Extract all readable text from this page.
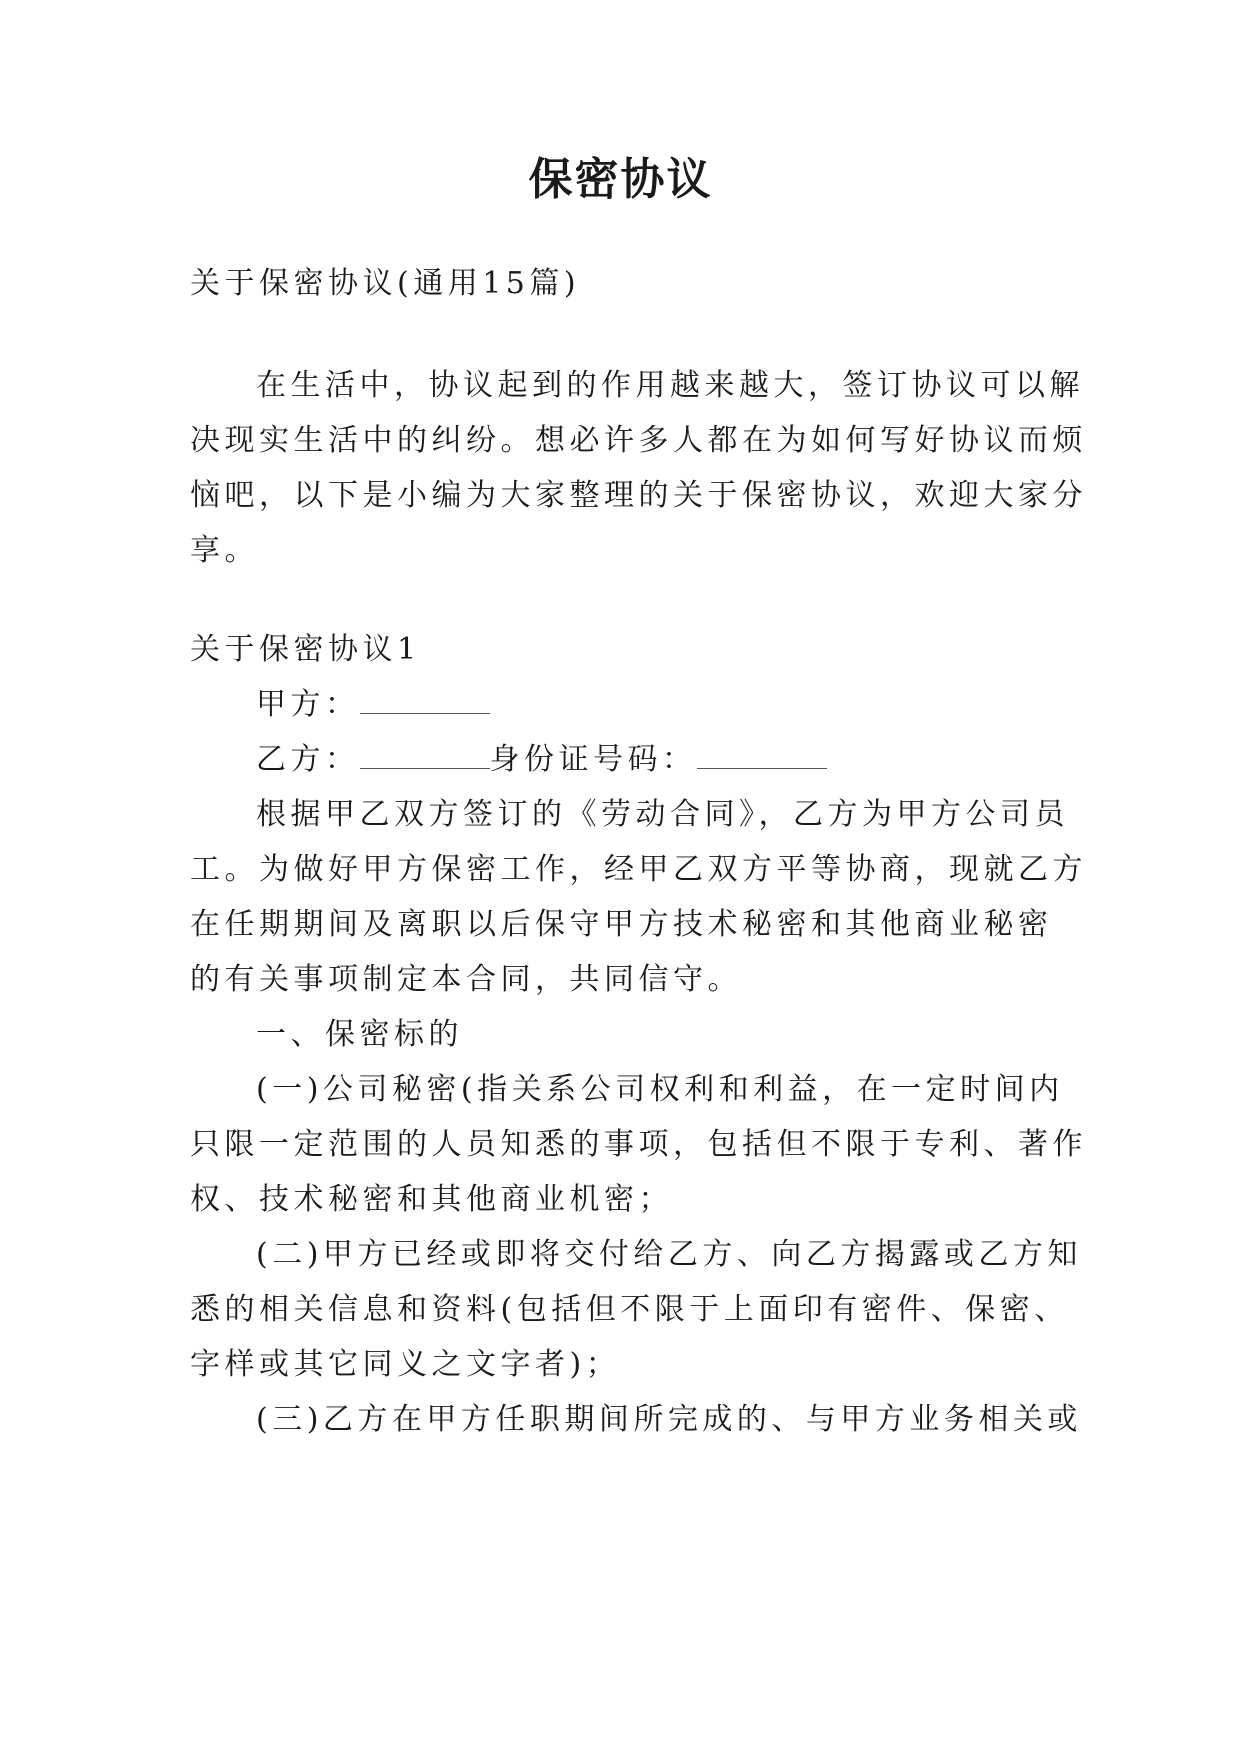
保密协议
关于保密协议(通用15篇)
在生活中，协议起到的作用越来越大，签订协议可以解
决现实生活中的纠纷。想必许多人都在为如何写好协议而烦
恼吧，以下是小编为大家整理的关于保密协议，欢迎大家分
享。
关于保密协议1
甲方：
乙方：	身份证号码：
根据甲乙双方签订的《劳动合同》，乙方为甲方公司员
工。为做好甲方保密工作，经甲乙双方平等协商，现就乙方
在任期期间及离职以后保守甲方技术秘密和其他商业秘密
的有关事项制定本合同，共同信守。
一、保密标的
(一)公司秘密(指关系公司权利和利益，在一定时间内
只限一定范围的人员知悉的事项，包括但不限于专利、著作
权、技术秘密和其他商业机密；
(二)甲方已经或即将交付给乙方、向乙方揭露或乙方知
悉的相关信息和资料(包括但不限于上面印有密件、保密、
字样或其它同义之文字者)；
(三)乙方在甲方任职期间所完成的、与甲方业务相关或
